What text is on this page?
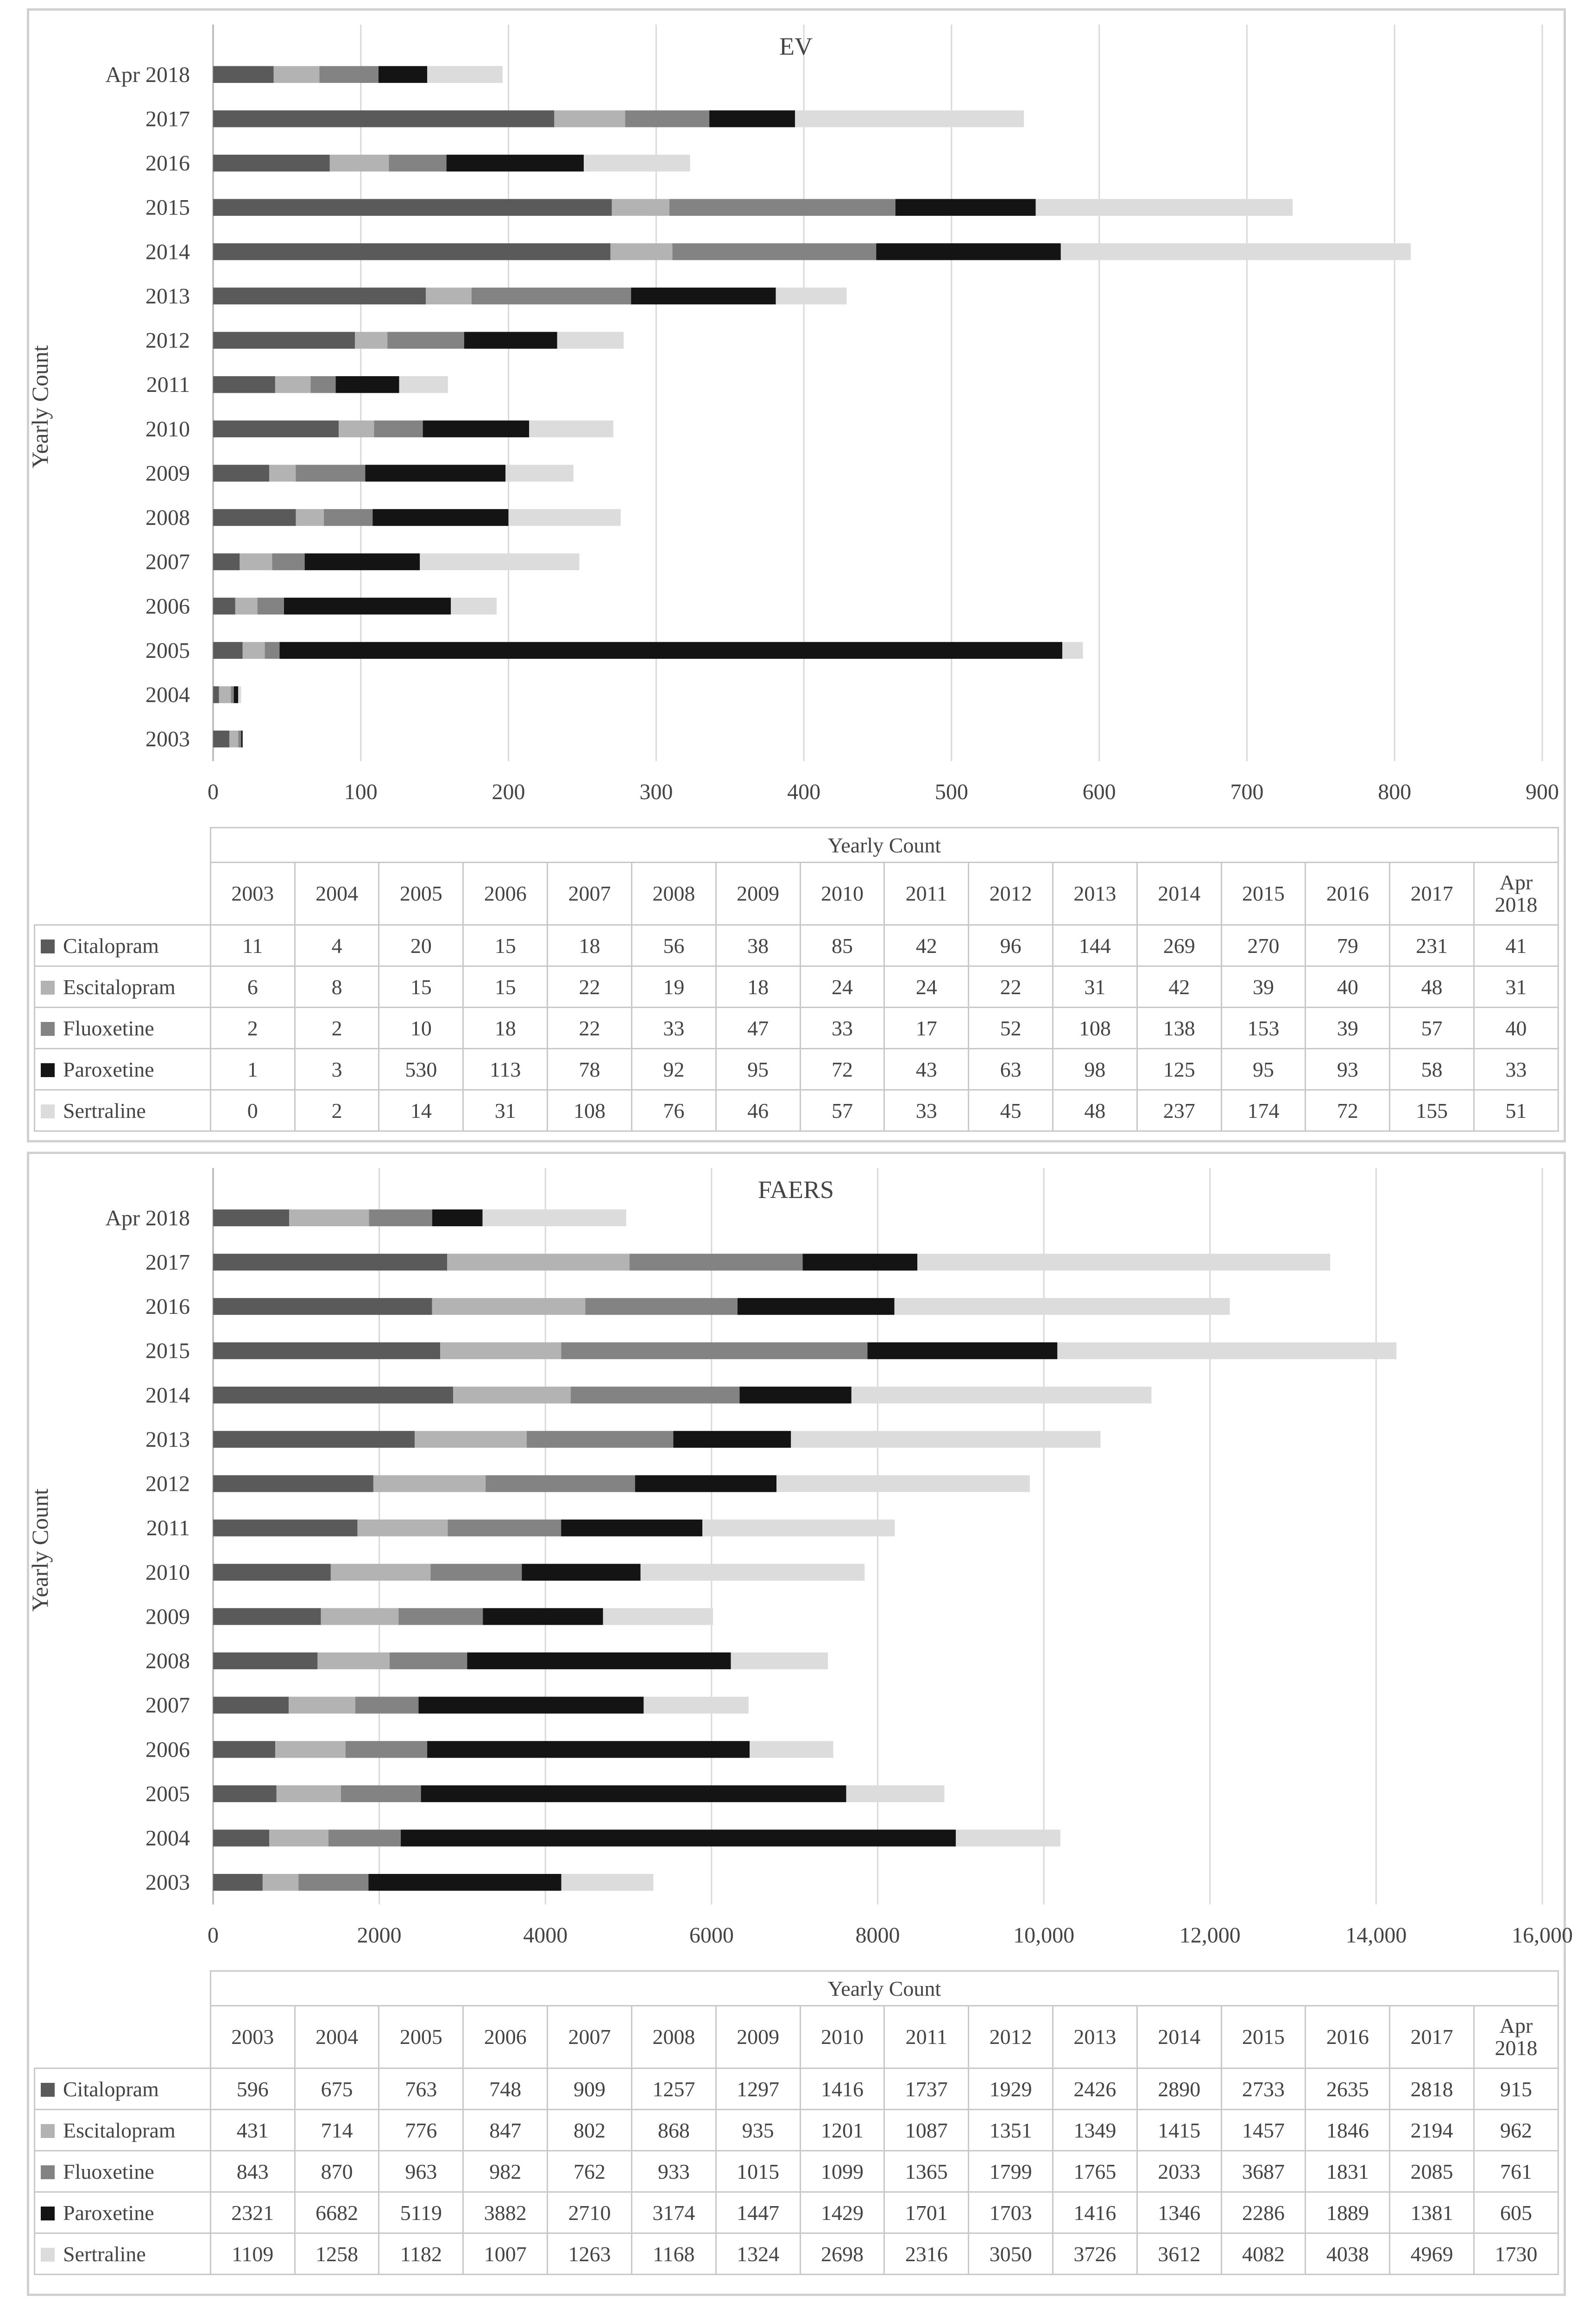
0	100	200	300	400	500	600	700	800	900
EV
Yearly Count
2003
2004
2005
2006
2007
2008
2009
2010
2011
2012
2013
2014
2015
2016
2017
Apr 2018
	Yearly Count															
	2003	2004	2005	2006	2007	2008	2009	2010	2011	2012	2013	2014	2015	2016	2017	Apr 2018
Citalopram	11	4	20	15	18	56	38	85	42	96	144	269	270	79	231	41
Escitalopram	6	8	15	15	22	19	18	24	24	22	31	42	39	40	48	31
Fluoxetine	2	2	10	18	22	33	47	33	17	52	108	138	153	39	57	40
Paroxetine	1	3	530	113	78	92	95	72	43	63	98	125	95	93	58	33
Sertraline	0	2	14	31	108	76	46	57	33	45	48	237	174	72	155	51
0	2000	4000	6000	8000	10,000	12,000	14,000	16,000
FAERS
Yearly Count
2003
2004
2005
2006
2007
2008
2009
2010
2011
2012
2013
2014
2015
2016
2017
Apr 2018
	Yearly Count															
	2003	2004	2005	2006	2007	2008	2009	2010	2011	2012	2013	2014	2015	2016	2017	Apr 2018
Citalopram	596	675	763	748	909	1257	1297	1416	1737	1929	2426	2890	2733	2635	2818	915
Escitalopram	431	714	776	847	802	868	935	1201	1087	1351	1349	1415	1457	1846	2194	962
Fluoxetine	843	870	963	982	762	933	1015	1099	1365	1799	1765	2033	3687	1831	2085	761
Paroxetine	2321	6682	5119	3882	2710	3174	1447	1429	1701	1703	1416	1346	2286	1889	1381	605
Sertraline	1109	1258	1182	1007	1263	1168	1324	2698	2316	3050	3726	3612	4082	4038	4969	1730
